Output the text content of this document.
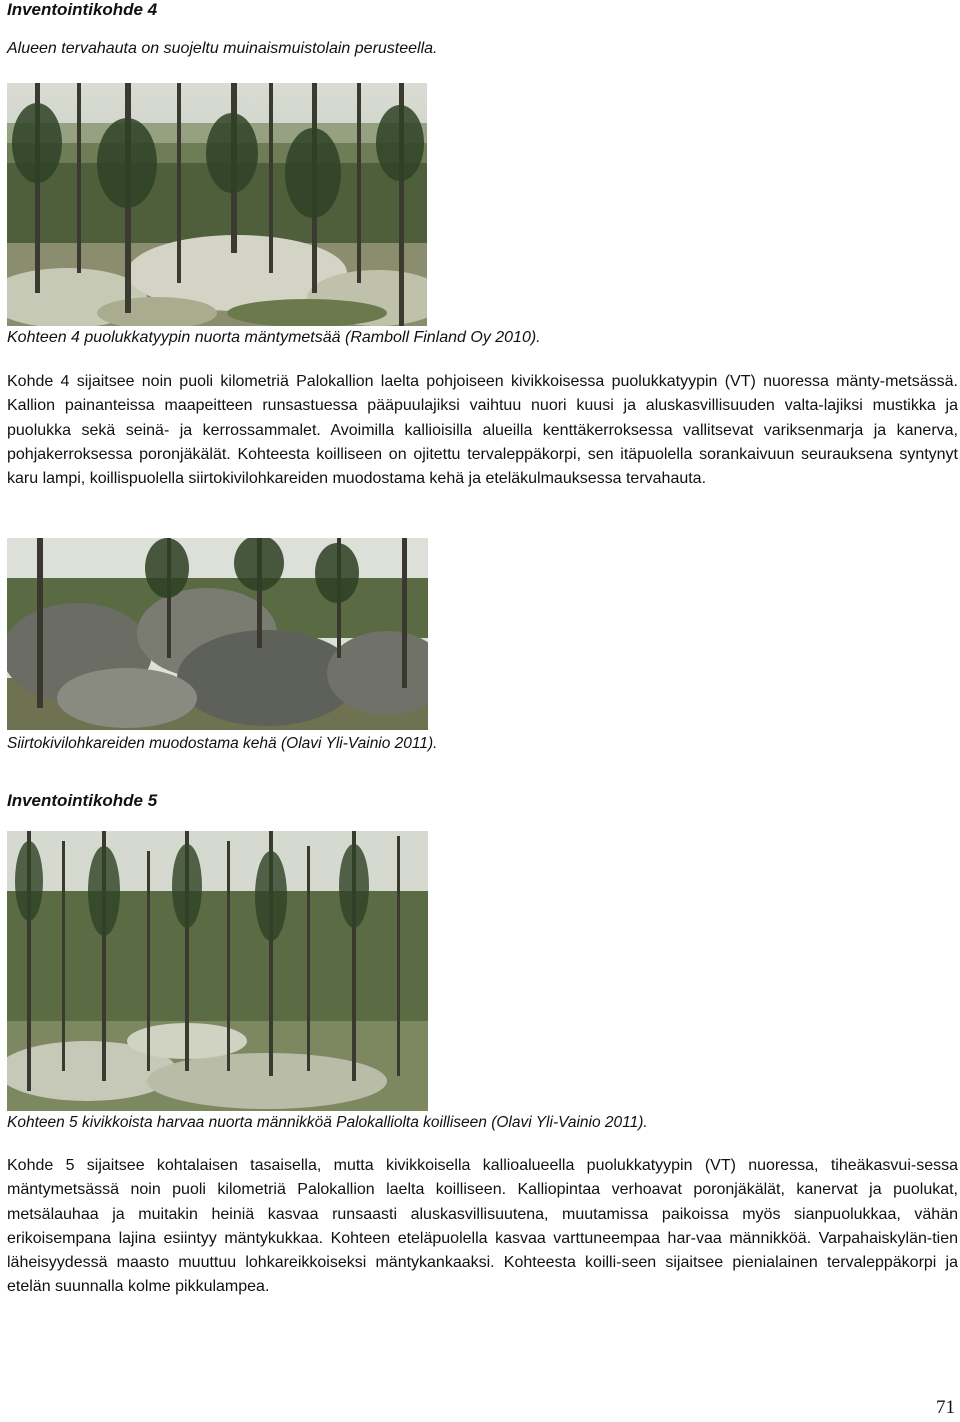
Inventointikohde 4

Alueen tervahauta on suojeltu muinaismuistolain perusteella.

Kohteen 4 puolukkatyypin nuorta mäntymetsää (Ramboll Finland Oy 2010).

Kohde 4 sijaitsee noin puoli kilometriä Palokallion laelta pohjoiseen kivikkoisessa puolukkatyypin (VT) nuoressa mänty-metsässä. Kallion painanteissa maapeitteen runsastuessa pääpuulajiksi vaihtuu nuori kuusi ja aluskasvillisuuden valta-lajiksi mustikka ja puolukka sekä seinä- ja kerrossammalet. Avoimilla kallioisilla alueilla kenttäkerroksessa vallitsevat variksenmarja ja kanerva, pohjakerroksessa poronjäkälät. Kohteesta koilliseen on ojitettu tervaleppäkorpi, sen itäpuolella sorankaivuun seurauksena syntynyt karu lampi, koillispuolella siirtokivilohkareiden muodostama kehä ja eteläkulmauksessa tervahauta.

Siirtokivilohkareiden muodostama kehä (Olavi Yli-Vainio 2011).

Inventointikohde 5

Kohteen 5 kivikkoista harvaa nuorta männikköä Palokalliolta koilliseen (Olavi Yli-Vainio 2011).

Kohde 5 sijaitsee kohtalaisen tasaisella, mutta kivikkoisella kallioalueella puolukkatyypin (VT) nuoressa, tiheäkasvui-sessa mäntymetsässä noin puoli kilometriä Palokallion laelta koilliseen. Kalliopintaa verhoavat poronjäkälät, kanervat ja puolukat, metsälauhaa ja muitakin heiniä kasvaa runsaasti aluskasvillisuutena, muutamissa paikoissa myös sianpuolukkaa, vähän erikoisempana lajina esiintyy mäntykukkaa. Kohteen eteläpuolella kasvaa varttuneempaa har-vaa männikköä. Varpahaiskylän-tien läheisyydessä maasto muuttuu lohkareikkoiseksi mäntykankaaksi. Kohteesta koilli-seen sijaitsee pienialainen tervaleppäkorpi ja etelän suunnalla kolme pikkulampea.

71
